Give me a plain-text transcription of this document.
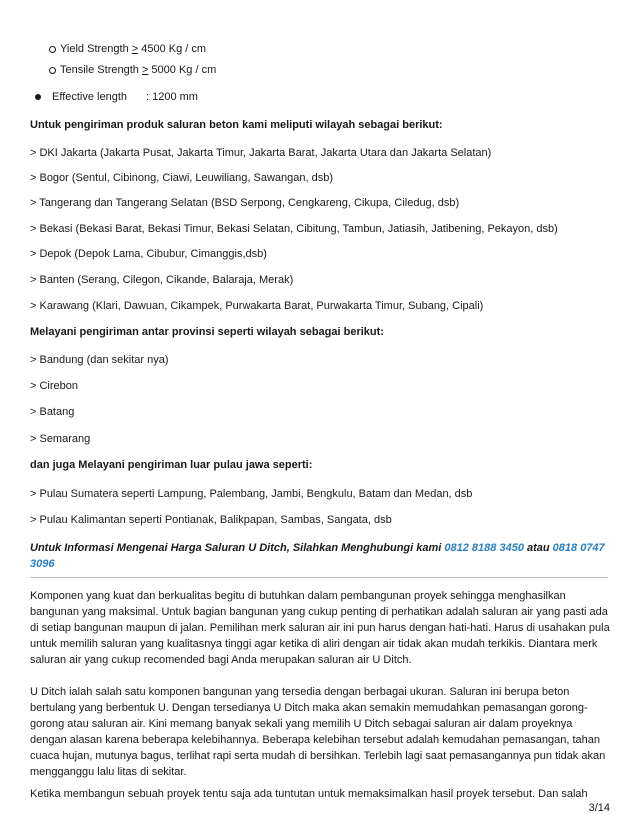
Yield Strength > 4500 Kg / cm
Tensile Strength > 5000 Kg / cm
Effective length : 1200 mm
Untuk pengiriman produk saluran beton kami meliputi wilayah sebagai berikut:
> DKI Jakarta (Jakarta Pusat, Jakarta Timur, Jakarta Barat, Jakarta Utara dan Jakarta Selatan)
> Bogor (Sentul, Cibinong, Ciawi, Leuwiliang, Sawangan, dsb)
> Tangerang dan Tangerang Selatan (BSD Serpong, Cengkareng, Cikupa, Ciledug, dsb)
> Bekasi (Bekasi Barat, Bekasi Timur, Bekasi Selatan, Cibitung, Tambun, Jatiasih, Jatibening, Pekayon, dsb)
> Depok (Depok Lama, Cibubur, Cimanggis,dsb)
> Banten (Serang, Cilegon, Cikande, Balaraja, Merak)
> Karawang (Klari, Dawuan, Cikampek, Purwakarta Barat, Purwakarta Timur, Subang, Cipali)
Melayani pengiriman antar provinsi seperti wilayah sebagai berikut:
> Bandung (dan sekitar nya)
> Cirebon
> Batang
> Semarang
dan juga Melayani pengiriman luar pulau jawa seperti:
> Pulau Sumatera seperti Lampung, Palembang, Jambi, Bengkulu, Batam dan Medan, dsb
> Pulau Kalimantan seperti Pontianak, Balikpapan, Sambas, Sangata, dsb
Untuk Informasi Mengenai Harga Saluran U Ditch, Silahkan Menghubungi kami 0812 8188 3450 atau 0818 0747 3096
Komponen yang kuat dan berkualitas begitu di butuhkan dalam pembangunan proyek sehingga menghasilkan bangunan yang maksimal. Untuk bagian bangunan yang cukup penting di perhatikan adalah saluran air yang pasti ada di setiap bangunan maupun di jalan. Pemilihan merk saluran air ini pun harus dengan hati-hati. Harus di usahakan pula untuk memilih saluran yang kualitasnya tinggi agar ketika di aliri dengan air tidak akan mudah terkikis. Diantara merk saluran air yang cukup recomended bagi Anda merupakan saluran air U Ditch.
U Ditch ialah salah satu komponen bangunan yang tersedia dengan berbagai ukuran. Saluran ini berupa beton bertulang yang berbentuk U. Dengan tersedianya U Ditch maka akan semakin memudahkan pemasangan gorong-gorong atau saluran air. Kini memang banyak sekali yang memilih U Ditch sebagai saluran air dalam proyeknya dengan alasan karena beberapa kelebihannya. Beberapa kelebihan tersebut adalah kemudahan pemasangan, tahan cuaca hujan, mutunya bagus, terlihat rapi serta mudah di bersihkan. Terlebih lagi saat pemasangannya pun tidak akan mengganggu lalu litas di sekitar.
Ketika membangun sebuah proyek tentu saja ada tuntutan untuk memaksimalkan hasil proyek tersebut. Dan salah
3/14
